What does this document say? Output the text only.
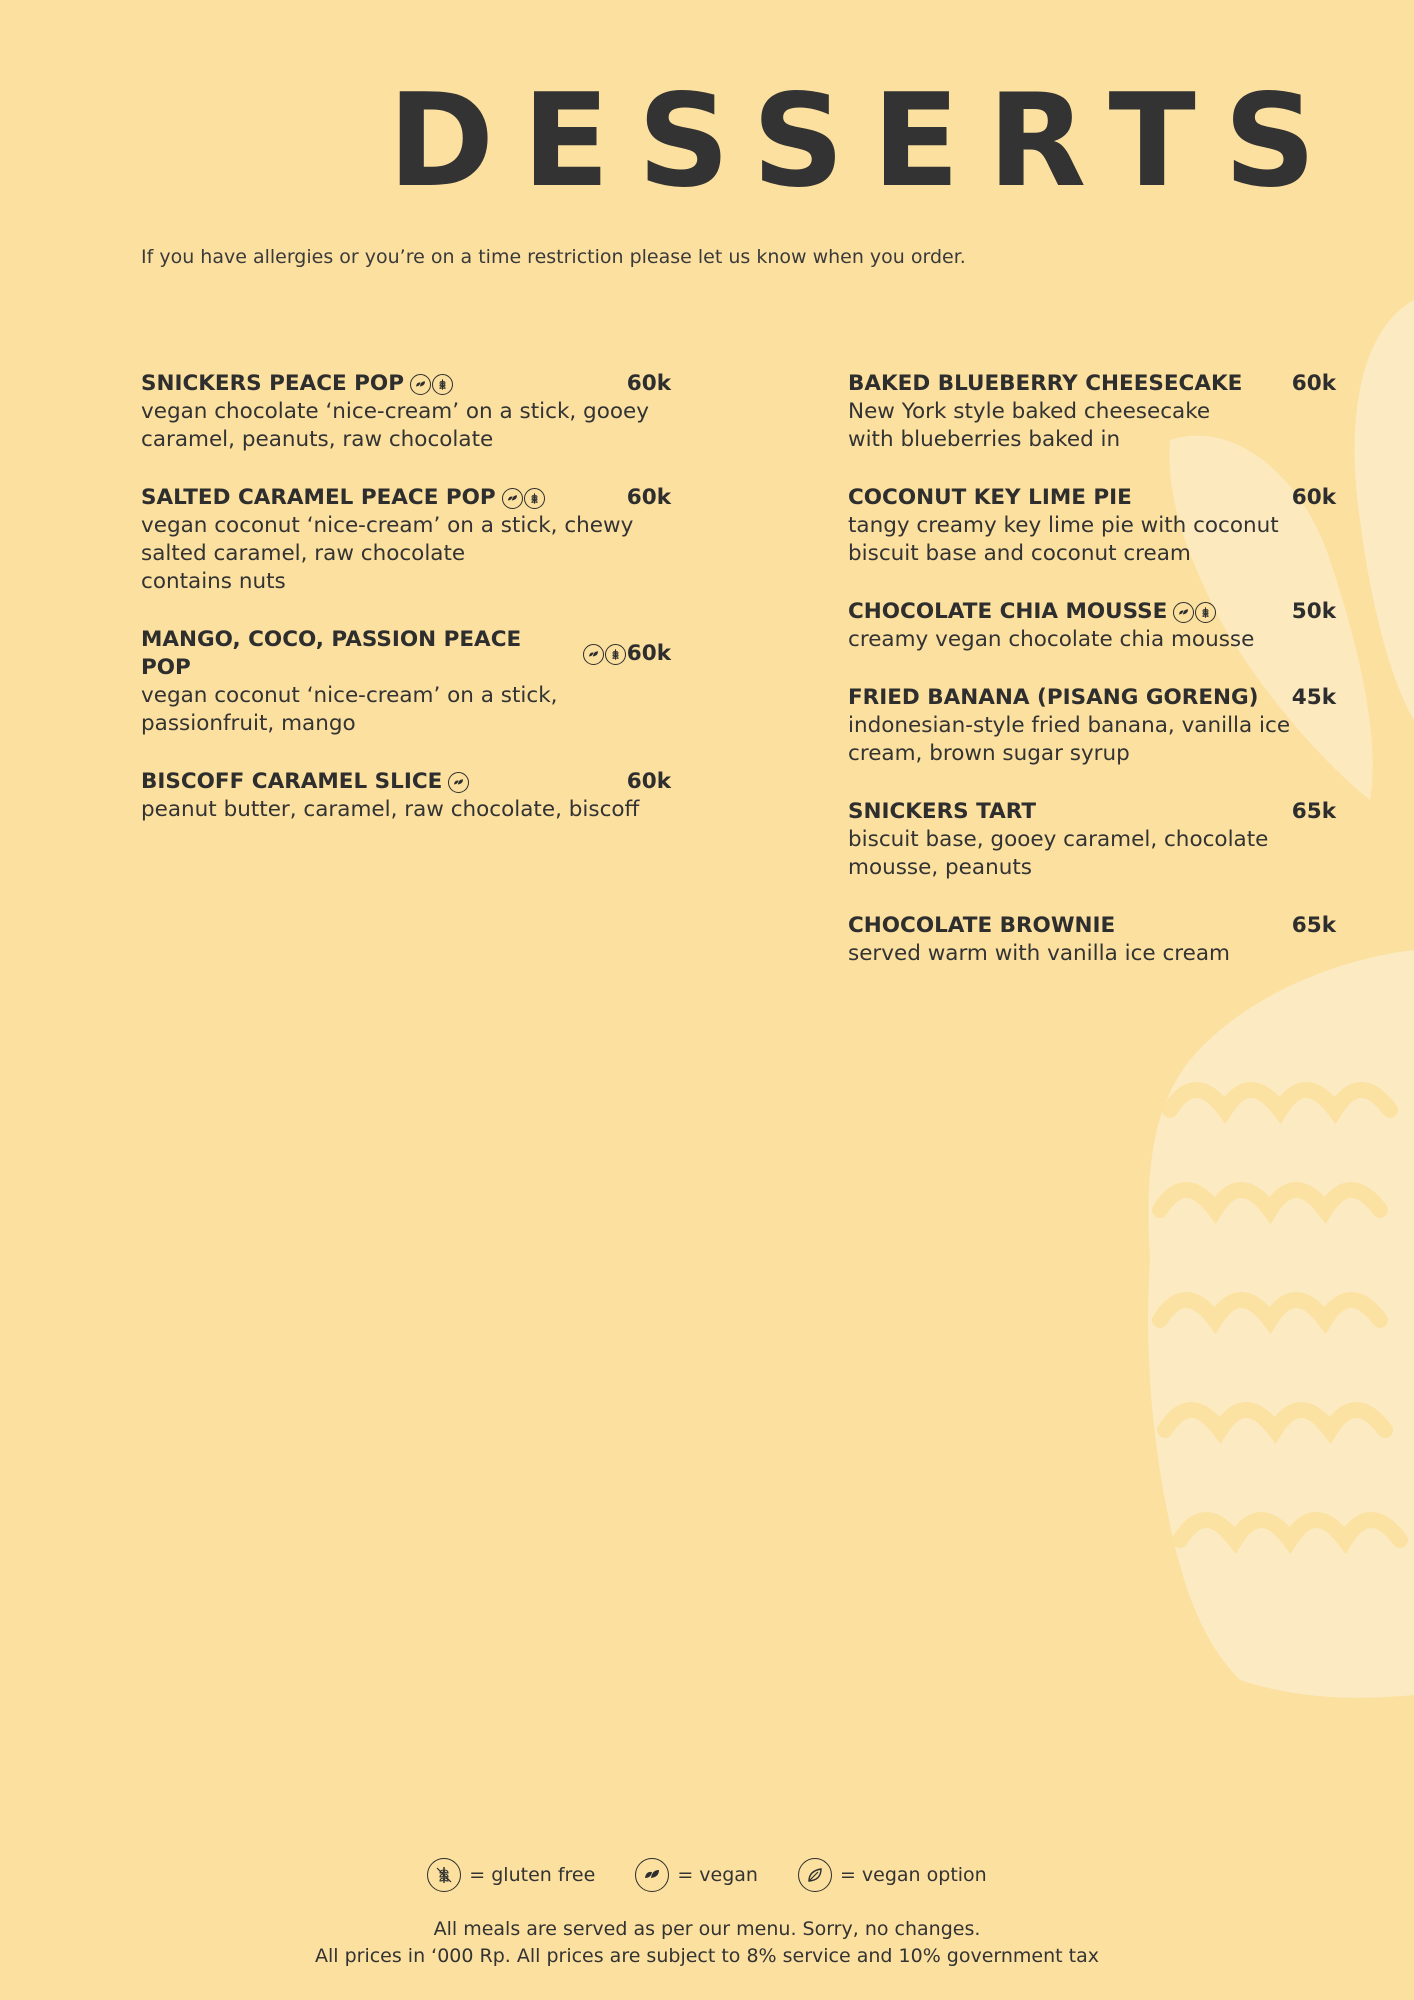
DESSERTS

If you have allergies or you’re on a time restriction please let us know when you order.

SNICKERS PEACE POP	60k
vegan chocolate ‘nice-cream’ on a stick, gooey
caramel, peanuts, raw chocolate
SALTED CARAMEL PEACE POP	60k
vegan coconut ‘nice-cream’ on a stick, chewy
salted caramel, raw chocolate
contains nuts
MANGO, COCO, PASSION PEACE POP
60k
vegan coconut ‘nice-cream’ on a stick,
passionfruit, mango
BISCOFF CARAMEL SLICE	60k
peanut butter, caramel, raw chocolate, biscoff
BAKED BLUEBERRY CHEESECAKE 60k
New York style baked cheesecake
with blueberries baked in
COCONUT KEY LIME PIE	60k
tangy creamy key lime pie with coconut
biscuit base and coconut cream
CHOCOLATE CHIA MOUSSE	50k
creamy vegan chocolate chia mousse
FRIED BANANA (PISANG GORENG) 45k
indonesian-style fried banana, vanilla ice
cream, brown sugar syrup
SNICKERS TART	65k
biscuit base, gooey caramel, chocolate
mousse, peanuts
CHOCOLATE BROWNIE	65k
served warm with vanilla ice cream
= gluten free	= vegan	= vegan option
All meals are served as per our menu. Sorry, no changes.
All prices in ‘000 Rp. All prices are subject to 8% service and 10% government tax
